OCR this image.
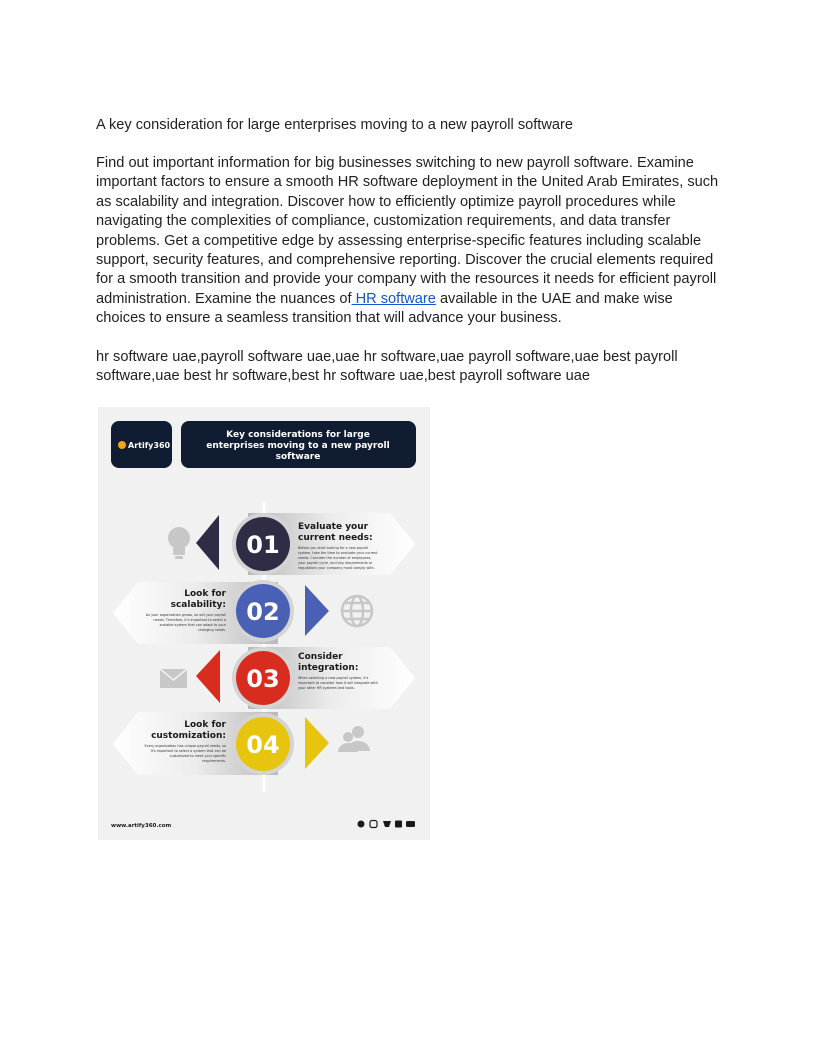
A key consideration for large enterprises moving to a new payroll software
Find out important information for big businesses switching to new payroll software. Examine important factors to ensure a smooth HR software deployment in the United Arab Emirates, such as scalability and integration. Discover how to efficiently optimize payroll procedures while navigating the complexities of compliance, customization requirements, and data transfer problems. Get a competitive edge by assessing enterprise-specific features including scalable support, security features, and comprehensive reporting. Discover the crucial elements required for a smooth transition and provide your company with the resources it needs for efficient payroll administration. Examine the nuances of HR software available in the UAE and make wise choices to ensure a seamless transition that will advance your business.
hr software uae,payroll software uae,uae hr software,uae payroll software,uae best payroll software,uae best hr software,best hr software uae,best payroll software uae
Artify360
Key considerations for large
enterprises moving to a new payroll
software
01
Evaluate your
current needs:
Before you start looking for a new payroll
system, take the time to evaluate your current
needs. Consider the number of employees,
your payroll cycle, and any requirements or
regulations your company must comply with.
02
Look for
scalability:
As your organization grows, so will your payroll
needs. Therefore, it's important to select a
scalable system that can adapt to your
changing needs.
03
Consider
integration:
When selecting a new payroll system, it's
important to consider how it will integrate with
your other HR systems and tools.
04
Look for
customization:
Every organization has unique payroll needs, so
it's important to select a system that can be
customized to meet your specific
requirements.
www.artify360.com
